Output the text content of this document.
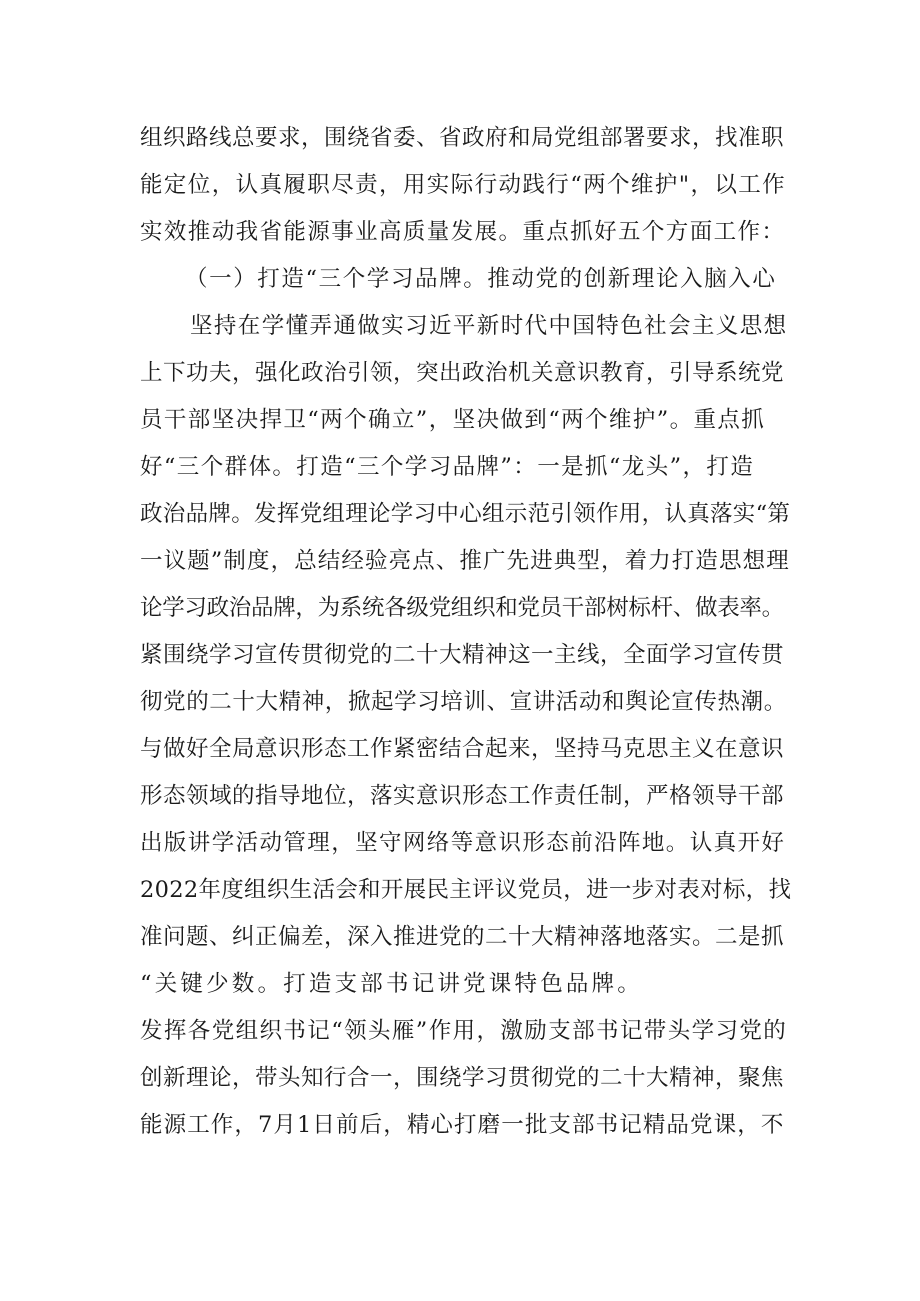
组织路线总要求，围绕省委、省政府和局党组部署要求，找准职
能定位，认真履职尽责，用实际行动践行“两个维护"，以工作
实效推动我省能源事业高质量发展。重点抓好五个方面工作：
（一）打造“三个学习品牌。推动党的创新理论入脑入心
坚持在学懂弄通做实习近平新时代中国特色社会主义思想
上下功夫，强化政治引领，突出政治机关意识教育，引导系统党
员干部坚决捍卫“两个确立”，坚决做到“两个维护”。重点抓
好“三个群体。打造“三个学习品牌”：一是抓“龙头”，打造
政治品牌。发挥党组理论学习中心组示范引领作用，认真落实“第
一议题”制度，总结经验亮点、推广先进典型，着力打造思想理
论学习政治品牌，为系统各级党组织和党员干部树标杆、做表率。
紧围绕学习宣传贯彻党的二十大精神这一主线，全面学习宣传贯
彻党的二十大精神，掀起学习培训、宣讲活动和舆论宣传热潮。
与做好全局意识形态工作紧密结合起来，坚持马克思主义在意识
形态领域的指导地位，落实意识形态工作责任制，严格领导干部
出版讲学活动管理，坚守网络等意识形态前沿阵地。认真开好
2022年度组织生活会和开展民主评议党员，进一步对表对标，找
准问题、纠正偏差，深入推进党的二十大精神落地落实。二是抓
“关键少数。打造支部书记讲党课特色品牌。
发挥各党组织书记“领头雁”作用，激励支部书记带头学习党的
创新理论，带头知行合一，围绕学习贯彻党的二十大精神，聚焦
能源工作，7月1日前后，精心打磨一批支部书记精品党课，不
